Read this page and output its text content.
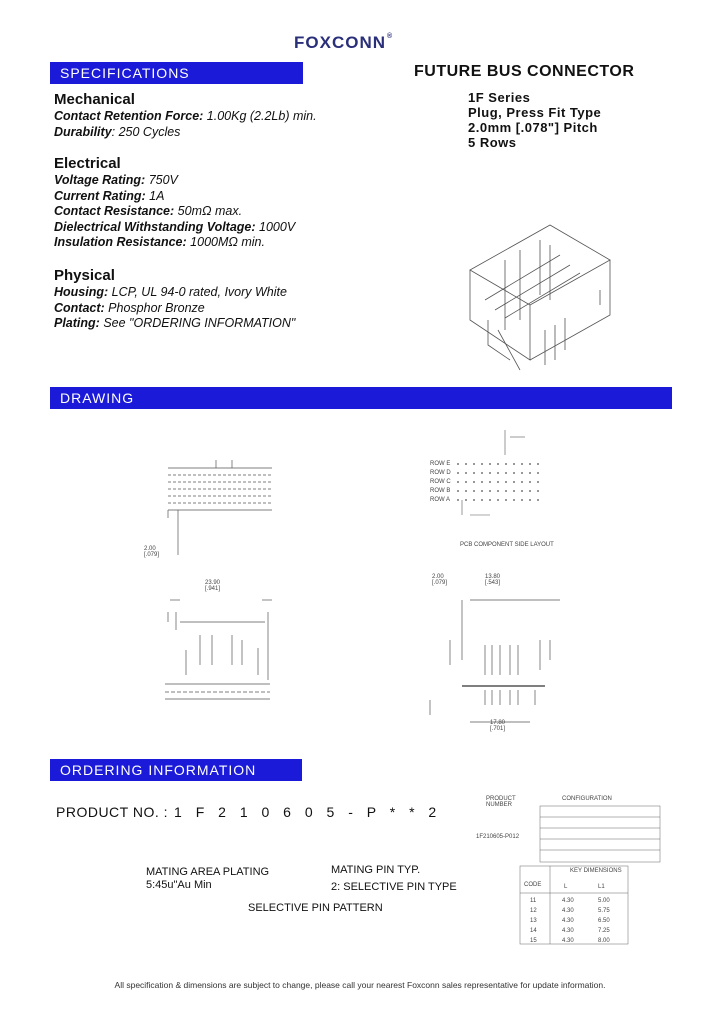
FOXCONN®
SPECIFICATIONS
DRAWING
ORDERING INFORMATION
FUTURE BUS CONNECTOR
1F Series
Plug, Press Fit Type
2.0mm [.078"] Pitch
5 Rows
Mechanical
Contact Retention Force: 1.00Kg (2.2Lb) min.
Durability: 250 Cycles
Electrical
Voltage Rating: 750V
Current Rating: 1A
Contact Resistance: 50mΩ max.
Dielectrical Withstanding Voltage: 1000V
Insulation Resistance: 1000MΩ min.
Physical
Housing: LCP, UL 94-0 rated, Ivory White
Contact: Phosphor Bronze
Plating: See "ORDERING INFORMATION"
2.00
[.079]
23.90
[.941]
2.00
[.079]
13.80
[.543]
17.80
[.701]
PCB COMPONENT SIDE LAYOUT
ROW E
ROW D
ROW C
ROW B
ROW A
PRODUCT NO. : 1 F 2 1 0 6 0 5 - P * * 2
MATING AREA PLATING
5:45u"Au Min
MATING PIN TYP.
2: SELECTIVE PIN TYPE
SELECTIVE PIN PATTERN
PRODUCT NUMBER
CONFIGURATION
1F210605-P012
KEY DIMENSIONS
CODE	L	L1
11
12
13
14
15
4.30
4.30
4.30
4.30
4.30
5.00
5.75
6.50
7.25
8.00
All specification & dimensions are subject to change, please call your nearest Foxconn sales representative for update information.
